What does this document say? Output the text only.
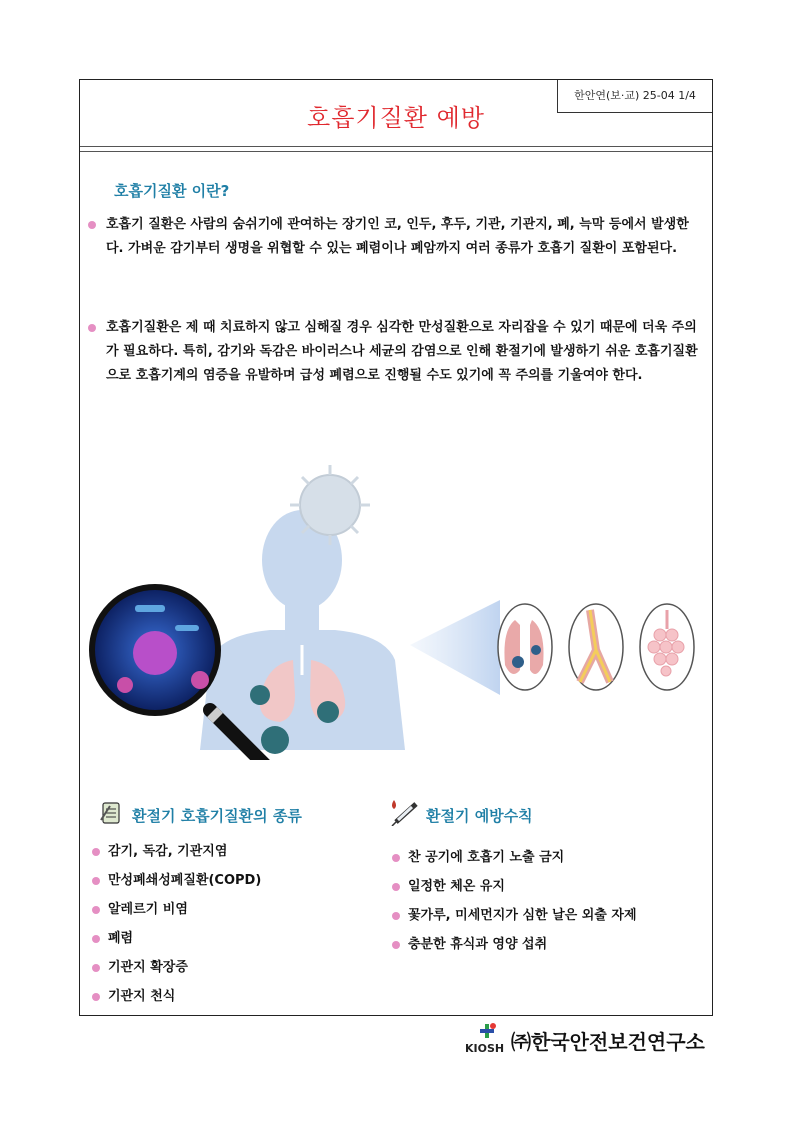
호흡기질환 예방
한안연(보·교) 25-04 1/4
호흡기질환 이란?
호흡기 질환은 사람의 숨쉬기에 관여하는 장기인 코, 인두, 후두, 기관, 기관지, 폐, 늑막 등에서 발생한다. 가벼운 감기부터 생명을 위협할 수 있는 폐렴이나 폐암까지 여러 종류가 호흡기 질환이 포함된다.
호흡기질환은 제 때 치료하지 않고 심해질 경우 심각한 만성질환으로 자리잡을 수 있기 때문에 더욱 주의가 필요하다. 특히, 감기와 독감은 바이러스나 세균의 감염으로 인해 환절기에 발생하기 쉬운 호흡기질환으로 호흡기계의 염증을 유발하며 급성 폐렴으로 진행될 수도 있기에 꼭 주의를 기울여야 한다.
환절기 호흡기질환의 종류
감기, 독감, 기관지염
만성폐쇄성폐질환(COPD)
알레르기 비염
폐렴
기관지 확장증
기관지 천식
환절기 예방수칙
찬 공기에 호흡기 노출 금지
일정한 체온 유지
꽃가루, 미세먼지가 심한 날은 외출 자제
충분한 휴식과 영양 섭취
KIOSH ㈜한국안전보건연구소
